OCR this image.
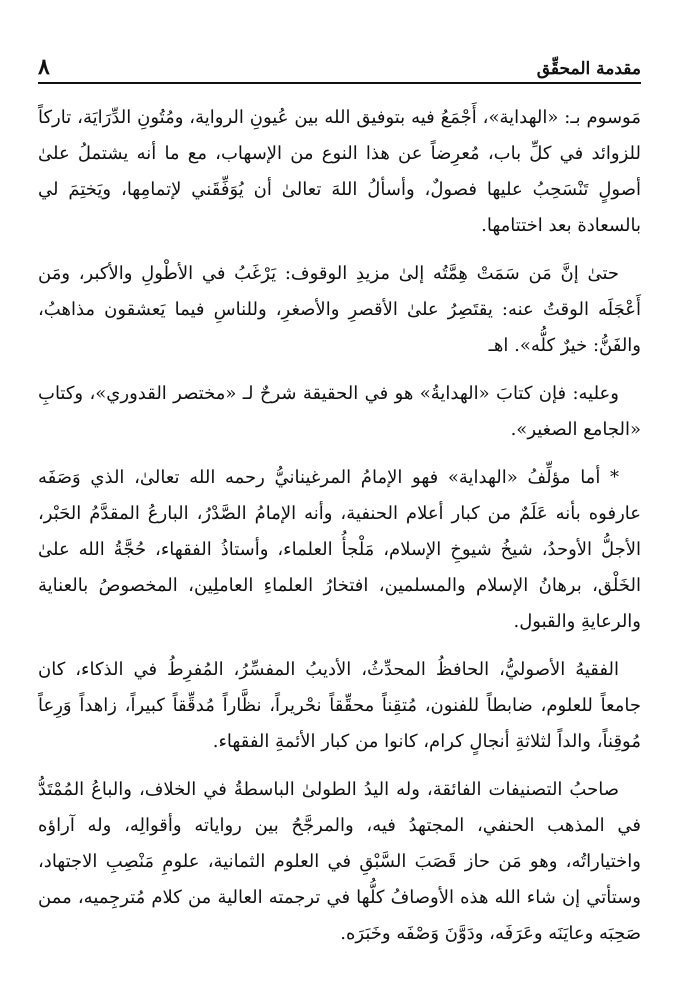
مقدمة المحقِّق
٨

مَوسوم بـ: «الهداية»، أَجْمَعُ فيه بتوفيق الله بين عُيونِ الرواية، ومُتُونِ الدِّرَايَة، تاركاً للزوائد في كلِّ باب، مُعرِضاً عن هذا النوع من الإسهاب، مع ما أنه يشتملُ علىٰ أصولٍ تَنْسَحِبُ عليها فصولٌ، وأسألُ اللهَ تعالىٰ أن يُوَفِّقَني لإتمامِها، ويَختِمَ لي بالسعادة بعد اختتامها.

حتىٰ إنَّ مَن سَمَتْ هِمَّتُه إلىٰ مزيدِ الوقوف: يَرْغَبُ في الأطْولِ والأكبر، ومَن أَعْجَلَه الوقتُ عنه: يقتَصِرُ علىٰ الأقصرِ والأصغرِ، وللناسِ فيما يَعشقون مذاهبُ، والفَنُّ: خيرٌ كلُّه». اهـ

وعليه: فإن كتابَ «الهدايةُ» هو في الحقيقة شرحٌ لـ «مختصر القدوري»، وكتابِ «الجامع الصغير».

* أما مؤلِّفُ «الهداية» فهو الإمامُ المرغينانيُّ رحمه الله تعالىٰ، الذي وَصَفَه عارفوه بأنه عَلَمٌ من كبار أعلام الحنفية، وأنه الإمامُ الصَّدْرُ، البارعُ المقدَّمُ الحَبْر، الأجلُّ الأوحدُ، شيخُ شيوخِ الإسلام، مَلْجأُ العلماء، وأستاذُ الفقهاء، حُجَّةُ الله علىٰ الخَلْق، برهانُ الإسلام والمسلمين، افتخارُ العلماءِ العاملِين، المخصوصُ بالعناية والرعايةِ والقبول.

الفقيهُ الأصوليُّ، الحافظُ المحدِّثُ، الأديبُ المفسِّرُ، المُفرِطُ في الذكاء، كان جامعاً للعلوم، ضابطاً للفنون، مُتقِناً محقِّقاً نحْريراً، نظَّاراً مُدقِّقاً كبيراً، زاهداً وَرِعاً مُوقِناً، والداً لثلاثةِ أنجالٍ كرام، كانوا من كبار الأئمةِ الفقهاء.

صاحبُ التصنيفات الفائقة، وله اليدُ الطولىٰ الباسطةُ في الخلاف، والباعُ المُمْتَدُّ في المذهب الحنفي، المجتهدُ فيه، والمرجَّحُ بين رواياته وأقوالِه، وله آراؤه واختياراتُه، وهو مَن حاز قَصَبَ السَّبْقِ في العلوم الثمانية، علومِ مَنْصِبِ الاجتهاد، وستأتي إن شاء الله هذه الأوصافُ كلُّها في ترجمته العالية من كلام مُترجِميه، ممن صَحِبَه وعايَنَه وعَرَفَه، ودَوَّنَ وَصْفَه وخَبَرَه.
